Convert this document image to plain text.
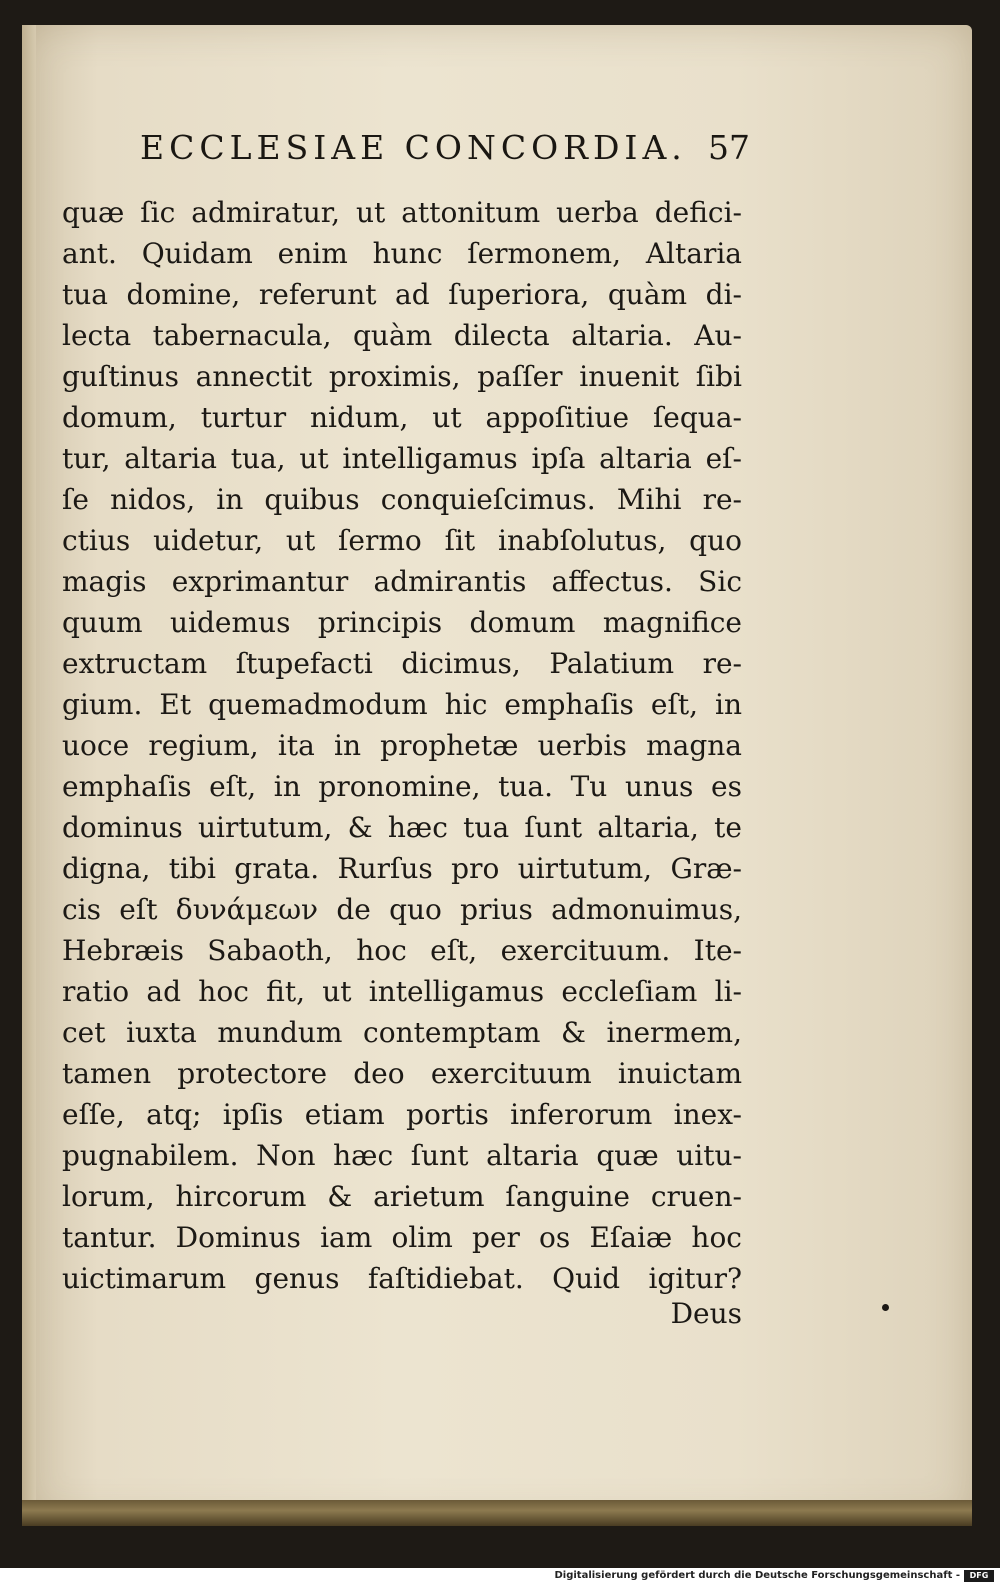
ECCLESIAE CONCORDIA. 57
quæ ſic admiratur, ut attonitum uerba defici-
ant. Quidam enim hunc ſermonem, Altaria
tua domine, referunt ad ſuperiora, quàm di-
lecta tabernacula, quàm dilecta altaria. Au-
guſtinus annectit proximis, paſſer inuenit ſibi
domum, turtur nidum, ut appoſitiue ſequa-
tur, altaria tua, ut intelligamus ipſa altaria eſ-
ſe nidos, in quibus conquieſcimus. Mihi re-
ctius uidetur, ut ſermo ſit inabſolutus, quo
magis exprimantur admirantis affectus. Sic
quum uidemus principis domum magnifice
extructam ſtupefacti dicimus, Palatium re-
gium. Et quemadmodum hic emphaſis eſt, in
uoce regium, ita in prophetæ uerbis magna
emphaſis eſt, in pronomine, tua. Tu unus es
dominus uirtutum, & hæc tua ſunt altaria, te
digna, tibi grata. Rurſus pro uirtutum, Græ-
cis eſt δυνάμεων de quo prius admonuimus,
Hebræis Sabaoth, hoc eſt, exercituum. Ite-
ratio ad hoc fit, ut intelligamus eccleſiam li-
cet iuxta mundum contemptam & inermem,
tamen protectore deo exercituum inuictam
eſſe, atq; ipſis etiam portis inferorum inex-
pugnabilem. Non hæc ſunt altaria quæ uitu-
lorum, hircorum & arietum ſanguine cruen-
tantur. Dominus iam olim per os Eſaiæ hoc
uictimarum genus faſtidiebat. Quid igitur?
Deus
Digitalisierung gefördert durch die Deutsche Forschungsgemeinschaft -	DFG
